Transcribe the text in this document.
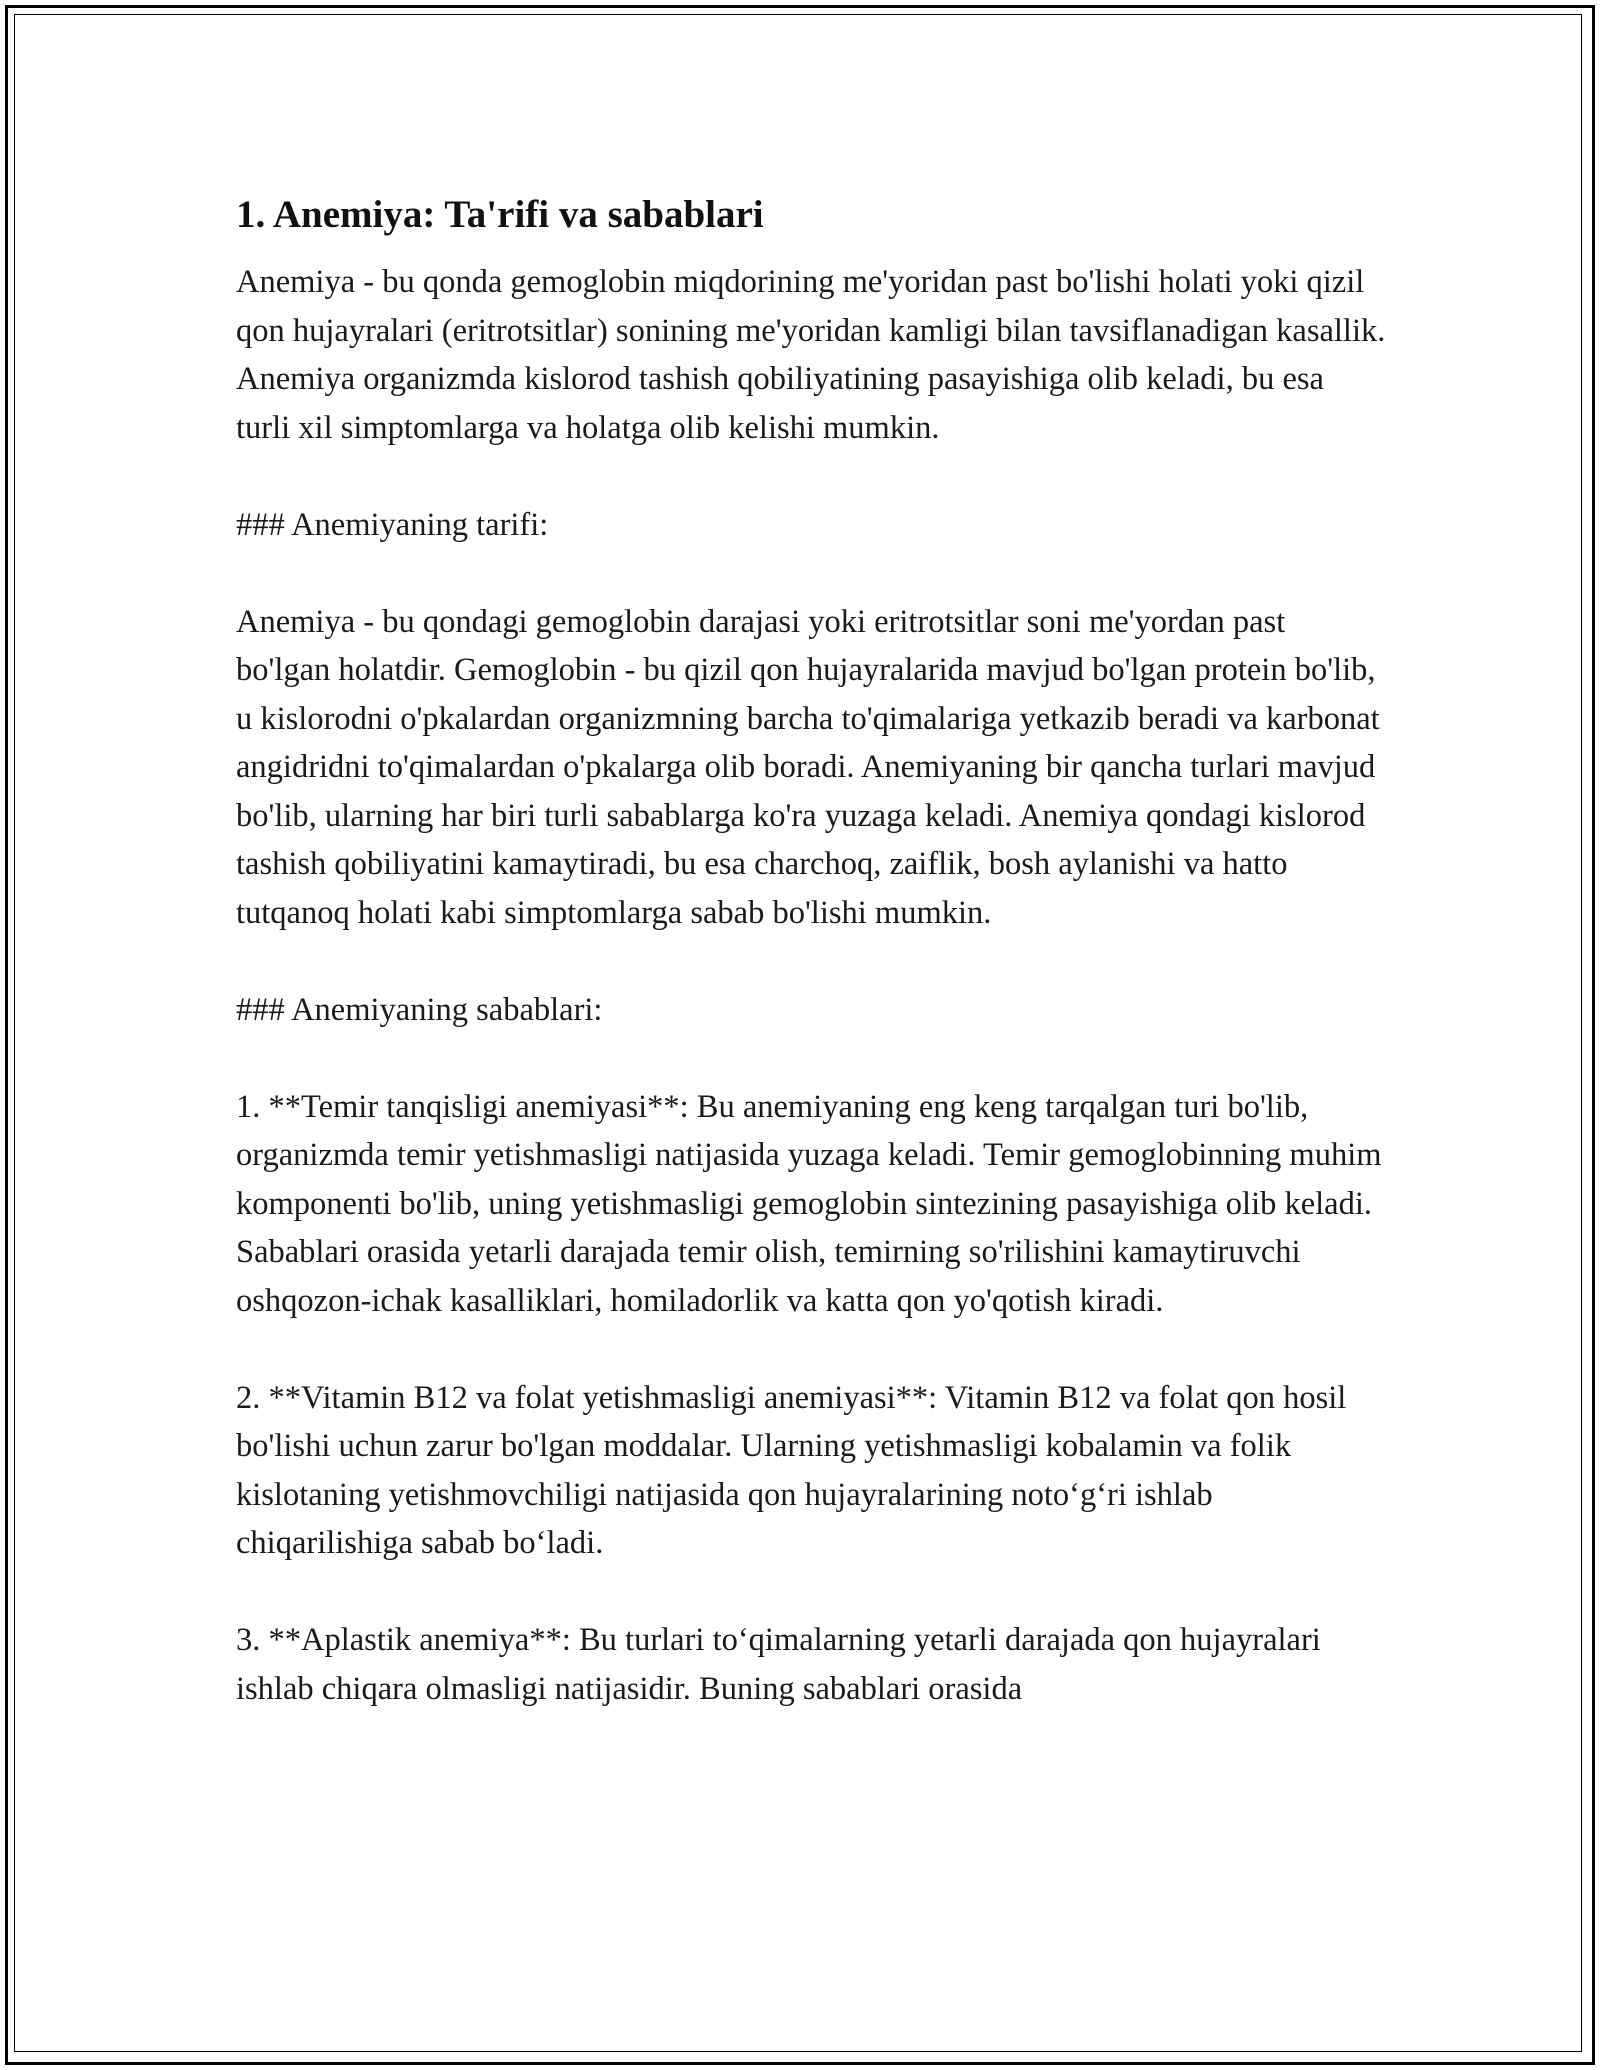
1. Anemiya: Ta'rifi va sabablari

Anemiya - bu qonda gemoglobin miqdorining me'yoridan past bo'lishi holati yoki qizil qon hujayralari (eritrotsitlar) sonining me'yoridan kamligi bilan tavsiflanadigan kasallik. Anemiya organizmda kislorod tashish qobiliyatining pasayishiga olib keladi, bu esa turli xil simptomlarga va holatga olib kelishi mumkin.

### Anemiyaning tarifi:

Anemiya - bu qondagi gemoglobin darajasi yoki eritrotsitlar soni me'yordan past bo'lgan holatdir. Gemoglobin - bu qizil qon hujayralarida mavjud bo'lgan protein bo'lib, u kislorodni o'pkalardan organizmning barcha to'qimalariga yetkazib beradi va karbonat angidridni to'qimalardan o'pkalarga olib boradi. Anemiyaning bir qancha turlari mavjud bo'lib, ularning har biri turli sabablarga ko'ra yuzaga keladi. Anemiya qondagi kislorod tashish qobiliyatini kamaytiradi, bu esa charchoq, zaiflik, bosh aylanishi va hatto tutqanoq holati kabi simptomlarga sabab bo'lishi mumkin.

### Anemiyaning sabablari:

1. **Temir tanqisligi anemiyasi**: Bu anemiyaning eng keng tarqalgan turi bo'lib, organizmda temir yetishmasligi natijasida yuzaga keladi. Temir gemoglobinning muhim komponenti bo'lib, uning yetishmasligi gemoglobin sintezining pasayishiga olib keladi. Sabablari orasida yetarli darajada temir olish, temirning so'rilishini kamaytiruvchi oshqozon-ichak kasalliklari, homiladorlik va katta qon yo'qotish kiradi.

2. **Vitamin B12 va folat yetishmasligi anemiyasi**: Vitamin B12 va folat qon hosil bo'lishi uchun zarur bo'lgan moddalar. Ularning yetishmasligi kobalamin va folik kislotaning yetishmovchiligi natijasida qon hujayralarining noto‘g‘ri ishlab chiqarilishiga sabab bo‘ladi.

3. **Aplastik anemiya**: Bu turlari to‘qimalarning yetarli darajada qon hujayralari ishlab chiqara olmasligi natijasidir. Buning sabablari orasida
